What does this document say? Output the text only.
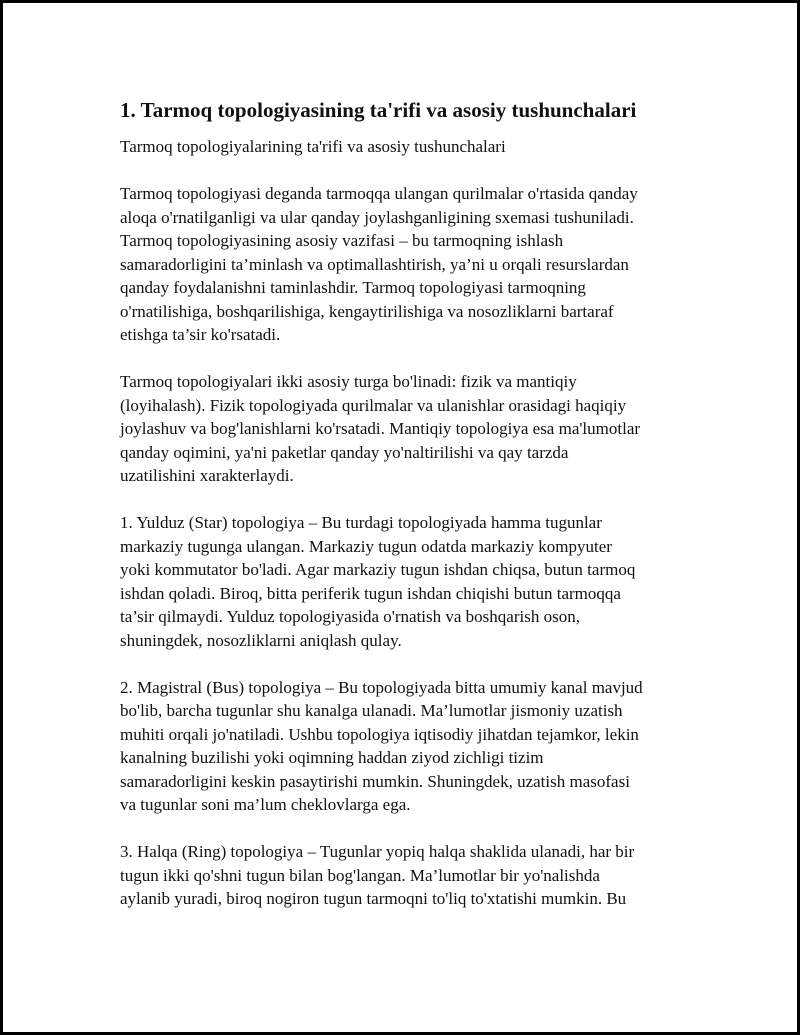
1. Tarmoq topologiyasining ta'rifi va asosiy tushunchalari

Tarmoq topologiyalarining ta'rifi va asosiy tushunchalari

Tarmoq topologiyasi deganda tarmoqqa ulangan qurilmalar o'rtasida qanday
aloqa o'rnatilganligi va ular qanday joylashganligining sxemasi tushuniladi.
Tarmoq topologiyasining asosiy vazifasi – bu tarmoqning ishlash
samaradorligini ta’minlash va optimallashtirish, ya’ni u orqali resurslardan
qanday foydalanishni taminlashdir. Tarmoq topologiyasi tarmoqning
o'rnatilishiga, boshqarilishiga, kengaytirilishiga va nosozliklarni bartaraf
etishga ta’sir ko'rsatadi.

Tarmoq topologiyalari ikki asosiy turga bo'linadi: fizik va mantiqiy
(loyihalash). Fizik topologiyada qurilmalar va ulanishlar orasidagi haqiqiy
joylashuv va bog'lanishlarni ko'rsatadi. Mantiqiy topologiya esa ma'lumotlar
qanday oqimini, ya'ni paketlar qanday yo'naltirilishi va qay tarzda
uzatilishini xarakterlaydi.

1. Yulduz (Star) topologiya – Bu turdagi topologiyada hamma tugunlar
markaziy tugunga ulangan. Markaziy tugun odatda markaziy kompyuter
yoki kommutator bo'ladi. Agar markaziy tugun ishdan chiqsa, butun tarmoq
ishdan qoladi. Biroq, bitta periferik tugun ishdan chiqishi butun tarmoqqa
ta’sir qilmaydi. Yulduz topologiyasida o'rnatish va boshqarish oson,
shuningdek, nosozliklarni aniqlash qulay.

2. Magistral (Bus) topologiya – Bu topologiyada bitta umumiy kanal mavjud
bo'lib, barcha tugunlar shu kanalga ulanadi. Ma’lumotlar jismoniy uzatish
muhiti orqali jo'natiladi. Ushbu topologiya iqtisodiy jihatdan tejamkor, lekin
kanalning buzilishi yoki oqimning haddan ziyod zichligi tizim
samaradorligini keskin pasaytirishi mumkin. Shuningdek, uzatish masofasi
va tugunlar soni ma’lum cheklovlarga ega.

3. Halqa (Ring) topologiya – Tugunlar yopiq halqa shaklida ulanadi, har bir
tugun ikki qo'shni tugun bilan bog'langan. Ma’lumotlar bir yo'nalishda
aylanib yuradi, biroq nogiron tugun tarmoqni to'liq to'xtatishi mumkin. Bu
